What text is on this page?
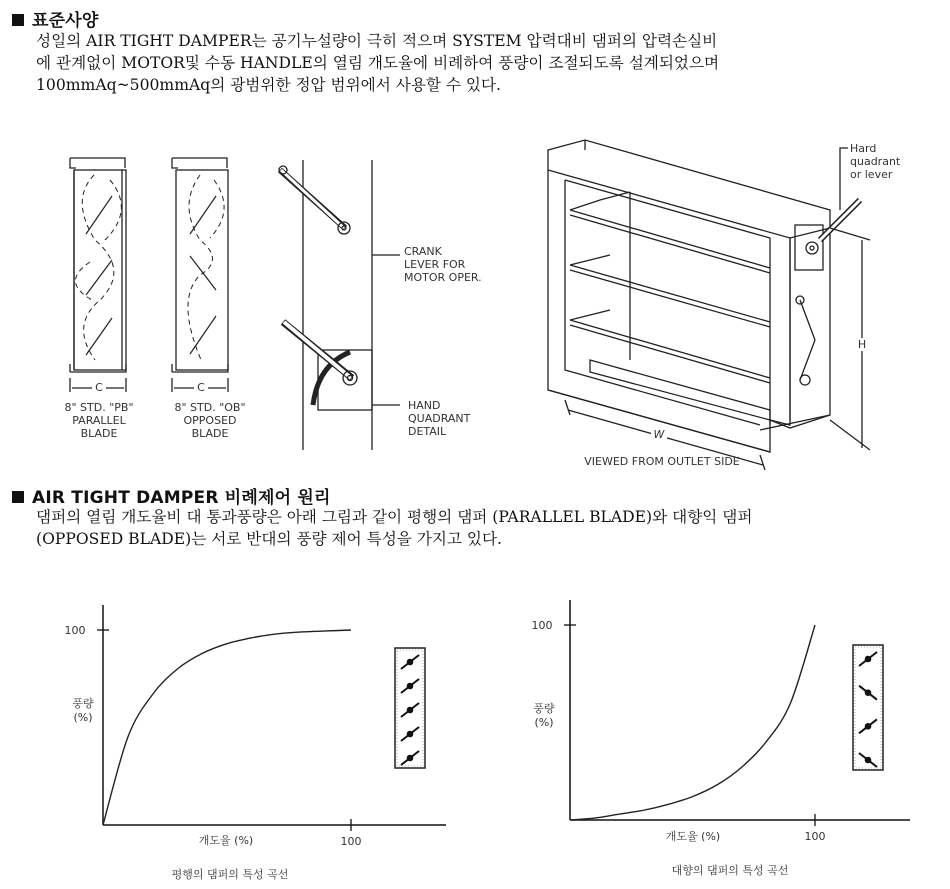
표준사양
성일의 AIR TIGHT DAMPER는 공기누설량이 극히 적으며 SYSTEM 압력대비 댐퍼의 압력손실비
에 관계없이 MOTOR및 수동 HANDLE의 열림 개도율에 비례하여 풍량이 조절되도록 설계되었으며
100mmAq~500mmAq의 광범위한 정압 범위에서 사용할 수 있다.
C	C
8" STD. "PB"
PARALLEL
BLADE
8" STD. "OB"
OPPOSED
BLADE
CRANK
LEVER FOR
MOTOR OPER.
HAND
QUADRANT
DETAIL
Hard
quadrant
or lever
W
H
VIEWED FROM OUTLET SIDE
AIR TIGHT DAMPER 비례제어 원리
댐퍼의 열림 개도율비 대 통과풍량은 아래 그림과 같이 평행의 댐퍼 (PARALLEL BLADE)와 대향익 댐퍼
(OPPOSED BLADE)는 서로 반대의 풍량 제어 특성을 가지고 있다.
100
100
풍량
(%)
개도율 (%)
평행의 댐퍼의 특성 곡선
100
100
풍량
(%)
개도율 (%)
대향의 댐퍼의 특성 곡선
